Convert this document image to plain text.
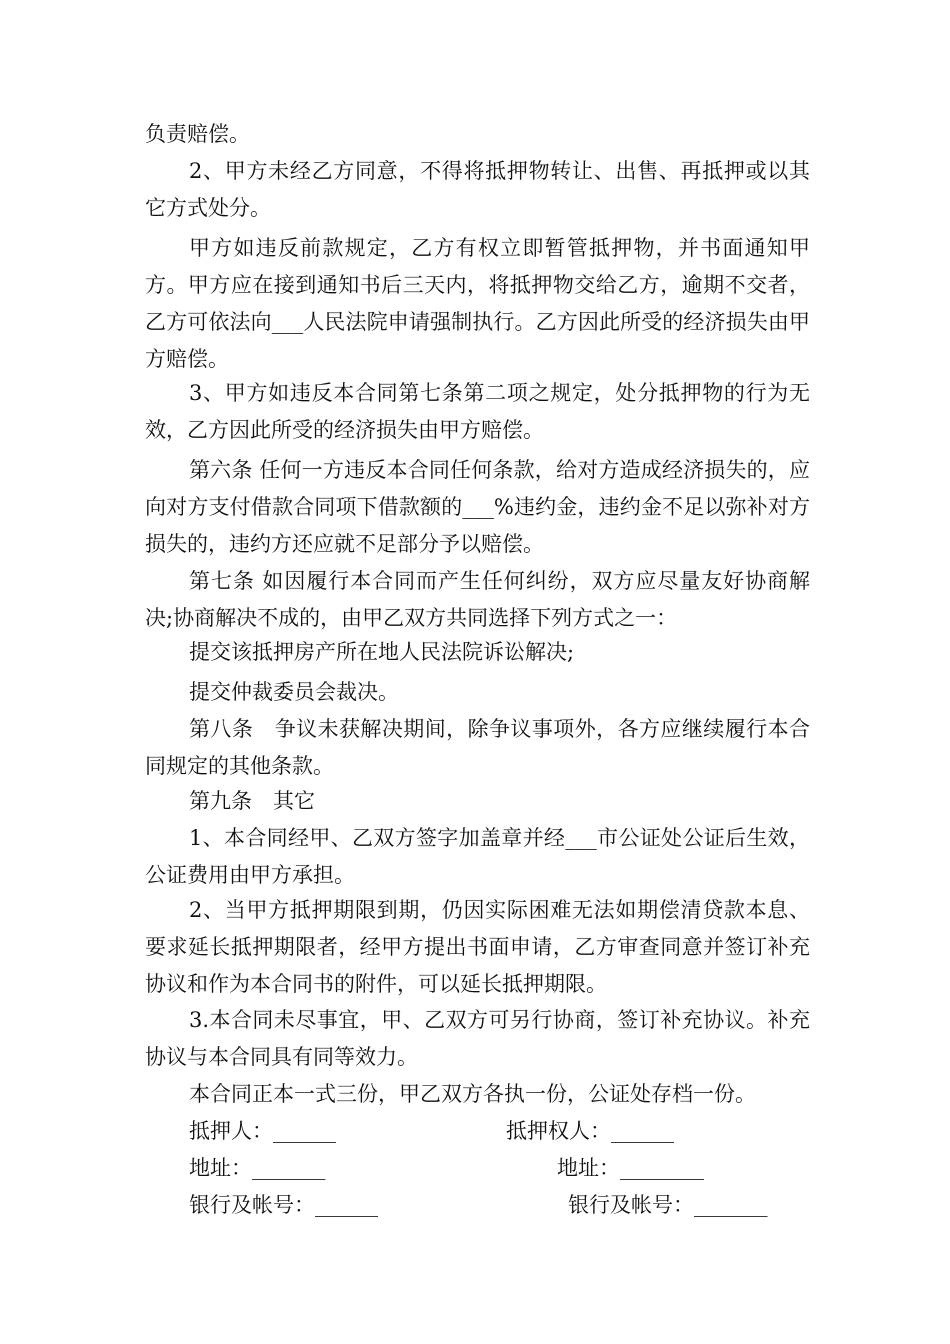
负责赔偿。
2、甲方未经乙方同意，不得将抵押物转让、出售、再抵押或以其它方式处分。
甲方如违反前款规定，乙方有权立即暂管抵押物，并书面通知甲方。甲方应在接到通知书后三天内，将抵押物交给乙方，逾期不交者，乙方可依法向___人民法院申请强制执行。乙方因此所受的经济损失由甲方赔偿。
3、甲方如违反本合同第七条第二项之规定，处分抵押物的行为无效，乙方因此所受的经济损失由甲方赔偿。
第六条 任何一方违反本合同任何条款，给对方造成经济损失的，应向对方支付借款合同项下借款额的___%违约金，违约金不足以弥补对方损失的，违约方还应就不足部分予以赔偿。
第七条 如因履行本合同而产生任何纠纷，双方应尽量友好协商解决;协商解决不成的，由甲乙双方共同选择下列方式之一：
提交该抵押房产所在地人民法院诉讼解决;
提交仲裁委员会裁决。
第八条　争议未获解决期间，除争议事项外，各方应继续履行本合同规定的其他条款。
第九条　其它
1、本合同经甲、乙双方签字加盖章并经___市公证处公证后生效，公证费用由甲方承担。
2、当甲方抵押期限到期，仍因实际困难无法如期偿清贷款本息、要求延长抵押期限者，经甲方提出书面申请，乙方审查同意并签订补充协议和作为本合同书的附件，可以延长抵押期限。
3.本合同未尽事宜，甲、乙双方可另行协商，签订补充协议。补充协议与本合同具有同等效力。
本合同正本一式三份，甲乙双方各执一份，公证处存档一份。
抵押人：______	抵押权人：______
地址：_______	地址：________
银行及帐号：______	银行及帐号：_______
